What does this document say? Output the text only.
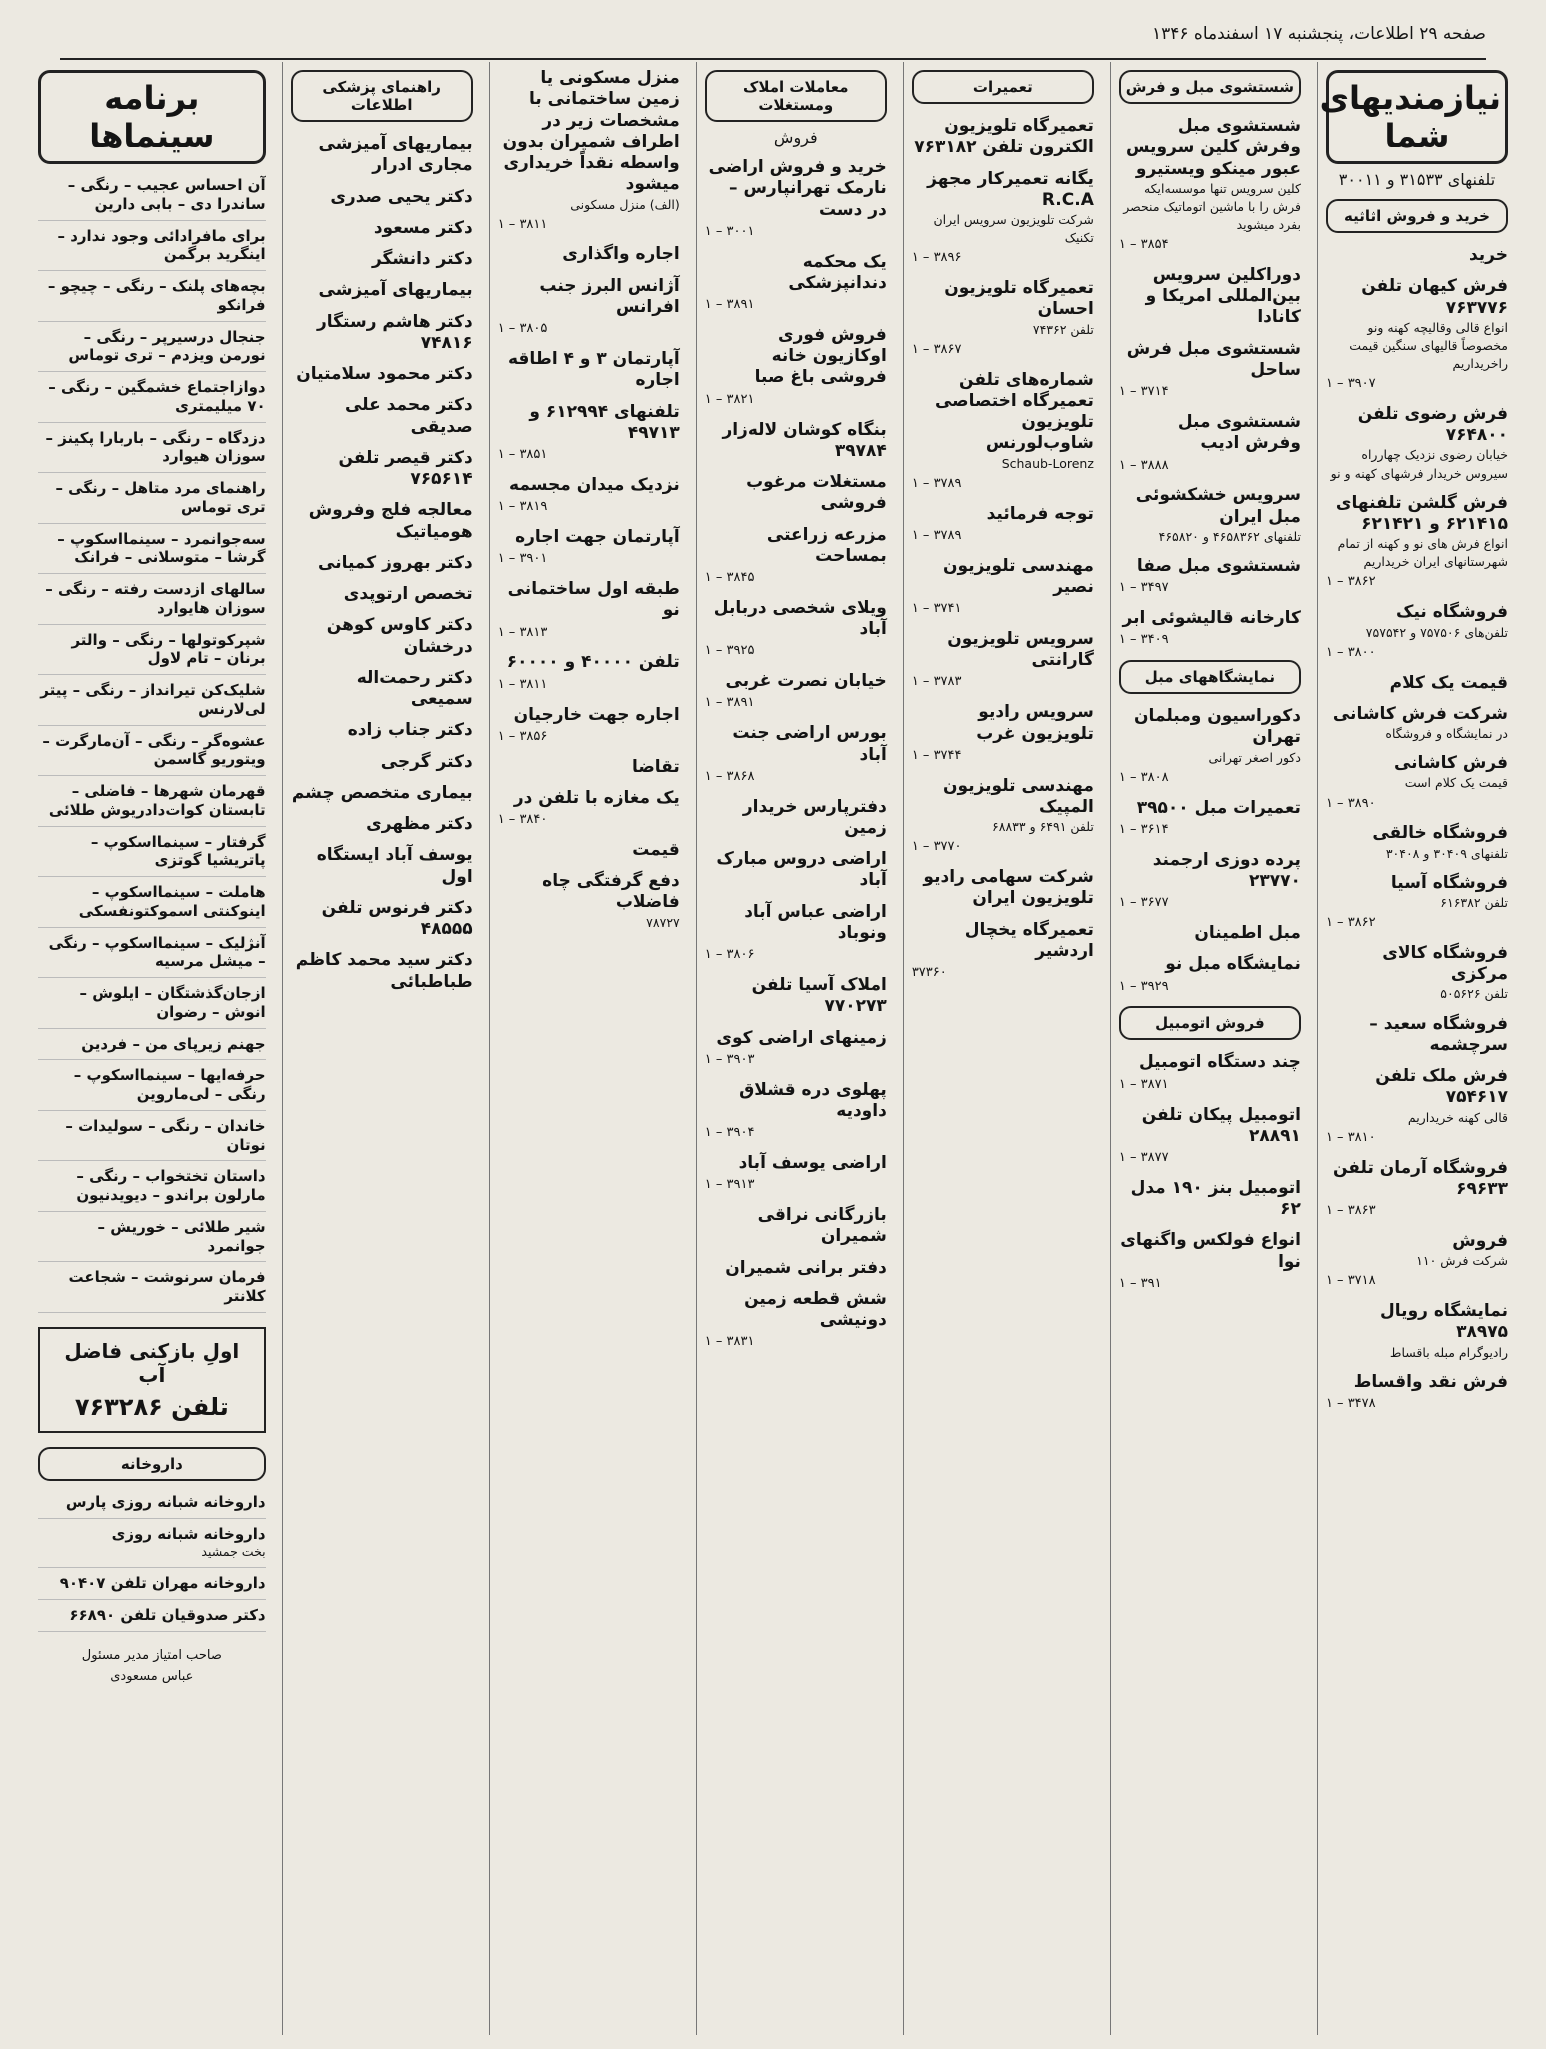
صفحه ۲۹ اطلاعات، پنجشنبه ۱۷ اسفندماه ۱۳۴۶
نیازمندیهای شما
تلفنهای ۳۱۵۳۳ و ۳۰۰۱۱
خرید و فروش اثاثیه
خرید
فرش کیهان تلفن ۷۶۳۷۷۶
انواع قالی وقالیچه کهنه ونو مخصوصاً قالیهای سنگین قیمت راخریداریم
۳۹۰۷ – ۱
فرش رضوی تلفن ۷۶۴۸۰۰
خیابان رضوی نزدیک چهارراه سیروس خریدار فرشهای کهنه و نو
فرش گلشن تلفنهای ۶۲۱۴۱۵ و ۶۲۱۴۲۱
انواع فرش های نو و کهنه از تمام شهرستانهای ایران خریداریم
۳۸۶۲ – ۱
فروشگاه نیک
تلفن‌های ۷۵۷۵۰۶ و ۷۵۷۵۴۲
۳۸۰۰ – ۱
قیمت یک کلام
شرکت فرش کاشانی
در نمایشگاه و فروشگاه
فرش کاشانی
قیمت یک کلام است
۳۸۹۰ – ۱
فروشگاه خالقی
تلفنهای ۳۰۴۰۹ و ۳۰۴۰۸
فروشگاه آسیا
تلفن ۶۱۶۳۸۲
۳۸۶۲ – ۱
فروشگاه کالای مرکزی
تلفن ۵۰۵۶۲۶
فروشگاه سعید – سرچشمه
فرش ملک تلفن ۷۵۴۶۱۷
قالی کهنه خریداریم
۳۸۱۰ – ۱
فروشگاه آرمان تلفن ۶۹۶۳۳
۳۸۶۳ – ۱
فروش
شرکت فرش ۱۱۰
۳۷۱۸ – ۱
نمایشگاه رویال ۳۸۹۷۵
رادیوگرام مبله باقساط
فرش نقد واقساط
۳۴۷۸ – ۱
شستشوی مبل و فرش
شستشوی مبل وفرش کلین سرویس عبور مینکو ویستیرو
کلین سرویس تنها موسسه‌ایکه فرش را با ماشین اتوماتیک منحصر بفرد میشوید
۳۸۵۴ – ۱
دوراکلین سرویس بین‌المللی امریکا و کانادا
شستشوی مبل فرش ساحل
۳۷۱۴ – ۱
شستشوی مبل وفرش ادیب
۳۸۸۸ – ۱
سرویس خشکشوئی مبل ایران
تلفنهای ۴۶۵۸۳۶۲ و ۴۶۵۸۲۰
شستشوی مبل صفا
۳۴۹۷ – ۱
کارخانه قالیشوئی ابر
۳۴۰۹ – ۱
نمایشگاههای مبل
دکوراسیون ومبلمان تهران
دکور اصغر تهرانی
۳۸۰۸ – ۱
تعمیرات مبل ۳۹۵۰۰
۳۶۱۴ – ۱
پرده دوزی ارجمند ۲۳۷۷۰
۳۶۷۷ – ۱
مبل اطمینان
نمایشگاه مبل نو
۳۹۲۹ – ۱
فروش اتومبیل
چند دستگاه اتومبیل
۳۸۷۱ – ۱
اتومبیل پیکان تلفن ۲۸۸۹۱
۳۸۷۷ – ۱
اتومبیل بنز ۱۹۰ مدل ۶۲
انواع فولکس واگنهای نوا
۳۹۱ – ۱
تعمیرات
تعمیرگاه تلویزیون الکترون تلفن ۷۶۳۱۸۲
یگانه تعمیرکار مجهز R.C.A
شرکت تلویزیون سرویس ایران تکنیک
۳۸۹۶ – ۱
تعمیرگاه تلویزیون احسان
تلفن ۷۴۳۶۲
۳۸۶۷ – ۱
شماره‌های تلفن تعمیرگاه اختصاصی تلویزیون شاوب‌لورنس
Schaub-Lorenz
۳۷۸۹ – ۱
توجه فرمائید
۳۷۸۹ – ۱
مهندسی تلویزیون نصیر
۳۷۴۱ – ۱
سرویس تلویزیون گارانتی
۳۷۸۳ – ۱
سرویس رادیو تلویزیون غرب
۳۷۴۴ – ۱
مهندسی تلویزیون المپیک
تلفن ۶۴۹۱ و ۶۸۸۳۳
۳۷۷۰ – ۱
شرکت سهامی رادیو تلویزیون ایران
تعمیرگاه یخچال اردشیر
۳۷۳۶۰
معاملات املاک ومستغلات
فروش
خرید و فروش اراضی نارمک تهرانپارس – در دست
۳۰۰۱ – ۱
یک محکمه دندانپزشکی
۳۸۹۱ – ۱
فروش فوری اوکازیون خانه فروشی باغ صبا
۳۸۲۱ – ۱
بنگاه کوشان لاله‌زار ۳۹۷۸۴
مستغلات مرغوب فروشی
مزرعه زراعتی بمساحت
۳۸۴۵ – ۱
ویلای شخصی دربابل آباد
۳۹۲۵ – ۱
خیابان نصرت غربی
۳۸۹۱ – ۱
بورس اراضی جنت آباد
۳۸۶۸ – ۱
دفترپارس خریدار زمین
اراضی دروس مبارک آباد
اراضی عباس آباد ونوباد
۳۸۰۶ – ۱
املاک آسیا تلفن ۷۷۰۲۷۳
زمینهای اراضی کوی
۳۹۰۳ – ۱
پهلوی دره قشلاق داودیه
۳۹۰۴ – ۱
اراضی یوسف آباد
۳۹۱۳ – ۱
بازرگانی نراقی شمیران
دفتر برانی شمیران
شش قطعه زمین دونیشی
۳۸۳۱ – ۱
منزل مسکونی یا زمین ساختمانی با مشخصات زیر در اطراف شمیران بدون واسطه نقداً خریداری میشود
(الف) منزل مسکونی
۳۸۱۱ – ۱
اجاره واگذاری
آژانس البرز جنب افرانس
۳۸۰۵ – ۱
آپارتمان ۳ و ۴ اطاقه اجاره
تلفنهای ۶۱۲۹۹۴ و ۴۹۷۱۳
۳۸۵۱ – ۱
نزدیک میدان مجسمه
۳۸۱۹ – ۱
آپارتمان جهت اجاره
۳۹۰۱ – ۱
طبقه اول ساختمانی نو
۳۸۱۳ – ۱
تلفن ۴۰۰۰۰ و ۶۰۰۰۰
۳۸۱۱ – ۱
اجاره جهت خارجیان
۳۸۵۶ – ۱
تقاضا
یک مغازه با تلفن در
۳۸۴۰ – ۱
قیمت
دفع گرفتگی چاه فاضلاب
۷۸۷۲۷
راهنمای پزشکی اطلاعات
بیماریهای آمیزشی مجاری ادرار
دکتر یحیی صدری
دکتر مسعود
دکتر دانشگر
بیماریهای آمیزشی
دکتر هاشم رستگار ۷۴۸۱۶
دکتر محمود سلامتیان
دکتر محمد علی صدیقی
دکتر قیصر تلفن ۷۶۵۶۱۴
معالجه فلج وفروش هومیاتیک
دکتر بهروز کمیانی
تخصص ارتوپدی
دکتر کاوس کوهن درخشان
دکتر رحمت‌اله سمیعی
دکتر جناب زاده
دکتر گرجی
بیماری متخصص چشم
دکتر مظهری
یوسف آباد ایستگاه اول
دکتر فرنوس تلفن ۴۸۵۵۵
دکتر سید محمد کاظم طباطبائی
برنامه سینماها
آن احساس عجیب – رنگی – ساندرا دی – بابی دارین
برای مافرادائی وجود ندارد – اینگرید برگمن
بچه‌های پلنک – رنگی – چیچو – فرانکو
جنجال درسیرپر – رنگی – نورمن ویزدم – تری توماس
دوازاجتماع خشمگین – رنگی – ۷۰ میلیمتری
دزدگاه – رنگی – باربارا پکینز – سوزان هیوارد
راهنمای مرد متاهل – رنگی – تری توماس
سه‌جوانمرد – سینمااسکوپ – گرشا – متوسلانی – فرانک
سالهای ازدست رفته – رنگی – سوزان هایوارد
شپرکوتولها – رنگی – والتر برنان – تام لاول
شلیک‌کن تیرانداز – رنگی – پیتر لی‌لارنس
عشوه‌گر – رنگی – آن‌مارگرت – ویتوریو گاسمن
قهرمان شهرها – فاضلی – تابستان کوات‌دادریوش طلائی
گرفتار – سینمااسکوپ – پاتریشیا گوتزی
هاملت – سینمااسکوپ – اینوکنتی اسموکتونفسکی
آنژلیک – سینمااسکوپ – رنگی – میشل مرسیه
ازجان‌گذشتگان – ایلوش – انوش – رضوان
جهنم زیرپای من – فردین
حرفه‌ایها – سینمااسکوپ – رنگی – لی‌ماروین
خاندان – رنگی – سولیدات – نوتان
داستان تختخواب – رنگی – مارلون براندو – دیویدنیون
شیر طلائی – خوریش – جوانمرد
فرمان سرنوشت – شجاعت کلانتر
اولِ بازکنی فاضل آب
تلفن ۷۶۳۲۸۶
داروخانه
داروخانه شبانه روزی پارس
داروخانه شبانه روزی
بخت جمشید
داروخانه مهران تلفن ۹۰۴۰۷
دکتر صدوقیان تلفن ۶۶۸۹۰
صاحب امتیاز مدیر مسئول
عباس مسعودی
